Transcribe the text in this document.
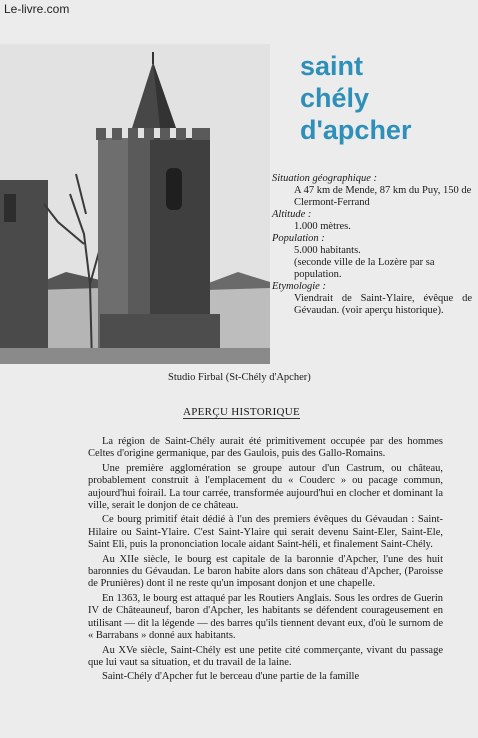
Le-livre.com
saint
chély
d'apcher
Situation géographique :
A 47 km de Mende, 87 km du Puy, 150 de Clermont-Ferrand
Altitude :
1.000 mètres.
Population :
5.000 habitants.
(seconde ville de la Lozère par sa population.
Etymologie :
Viendrait de Saint-Ylaire, évêque de Gévaudan. (voir aperçu historique).
Studio Firbal (St-Chély d'Apcher)
APERÇU HISTORIQUE

La région de Saint-Chély aurait été primitivement occupée par des hommes Celtes d'origine germanique, par des Gaulois, puis des Gallo-Romains.

Une première agglomération se groupe autour d'un Castrum, ou château, probablement construit à l'emplacement du « Couderc » ou pacage commun, aujourd'hui foirail. La tour carrée, transformée aujourd'hui en clocher et dominant la ville, serait le donjon de ce château.

Ce bourg primitif était dédié à l'un des premiers évêques du Gévaudan : Saint-Hilaire ou Saint-Ylaire. C'est Saint-Ylaire qui serait devenu Saint-Eler, Saint-Ele, Saint Eli, puis la prononciation locale aidant Saint-héli, et finalement Saint-Chély.

Au XIIe siècle, le bourg est capitale de la baronnie d'Apcher, l'une des huit baronnies du Gévaudan. Le baron habite alors dans son château d'Apcher, (Paroisse de Prunières) dont il ne reste qu'un imposant donjon et une chapelle.

En 1363, le bourg est attaqué par les Routiers Anglais. Sous les ordres de Guerin IV de Châteauneuf, baron d'Apcher, les habitants se défendent courageusement en utilisant — dit la légende — des barres qu'ils tiennent devant eux, d'où le surnom de « Barrabans » donné aux habitants.

Au XVe siècle, Saint-Chély est une petite cité commerçante, vivant du passage que lui vaut sa situation, et du travail de la laine.

Saint-Chély d'Apcher fut le berceau d'une partie de la famille
